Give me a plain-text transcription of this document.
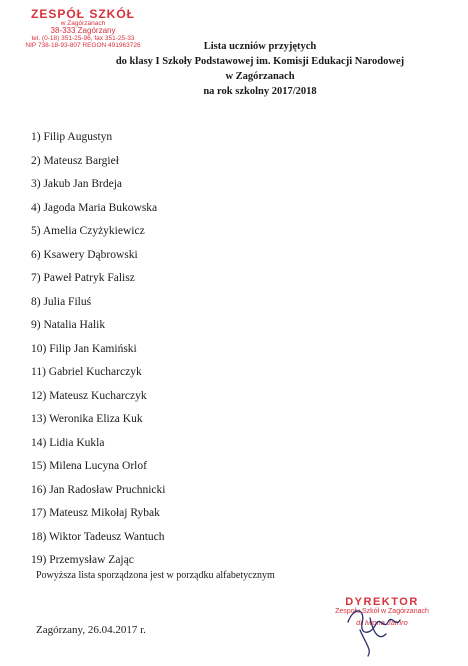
ZESPÓŁ SZKÓŁ
w Zagórzanach
38-333 Zagórzany
tel. (0-18) 351-25-96, fax 351-25-33
NIP 738-18-93-807 REGON 491963726	Lista uczniów przyjętych
do klasy I Szkoły Podstawowej im. Komisji Edukacji Narodowej
w Zagórzanach
na rok szkolny 2017/2018
1) Filip Augustyn
2) Mateusz Bargieł
3) Jakub Jan Brdeja
4) Jagoda Maria Bukowska
5) Amelia Czyżykiewicz
6) Ksawery Dąbrowski
7) Paweł Patryk Falisz
8) Julia Filuś
9) Natalia Halik
10) Filip Jan Kamiński
11) Gabriel Kucharczyk
12) Mateusz Kucharczyk
13) Weronika Eliza Kuk
14) Lidia Kukla
15) Milena Lucyna Orlof
16) Jan Radosław Pruchnicki
17) Mateusz Mikołaj Rybak
18) Wiktor Tadeusz Wantuch
19) Przemysław Zając
Powyższa lista sporządzona jest w porządku alfabetycznym
Zagórzany, 26.04.2017 r.
DYREKTOR
Zespołu Szkół w Zagórzanach
dr Iwona Jamro
